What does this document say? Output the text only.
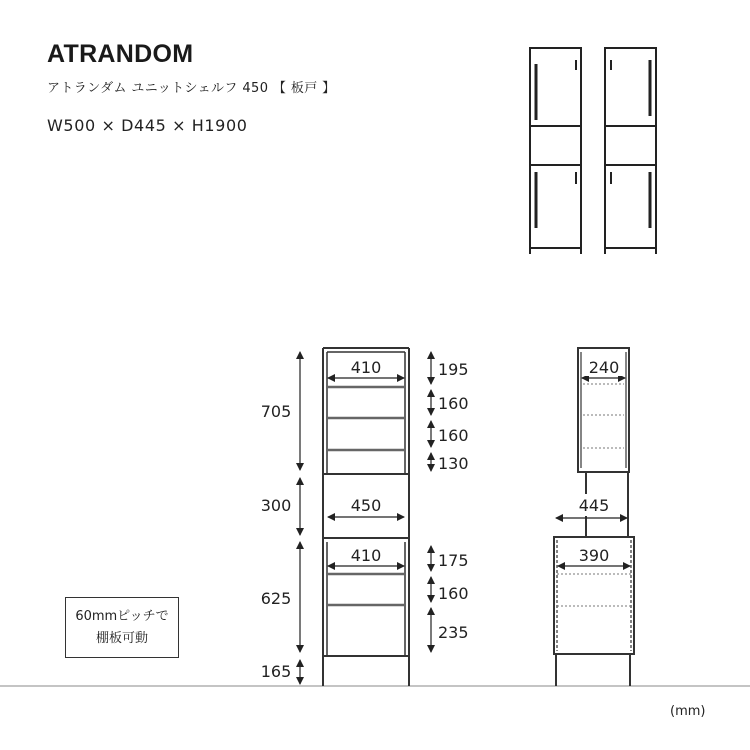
ATRANDOM
アトランダム ユニットシェルフ 450 【 板戸 】
W500 × D445 × H1900
410
450
410
705
300
625
165
195
160
160
130
175
160
235
240
445
390
60mmピッチで
棚板可動
(mm)
